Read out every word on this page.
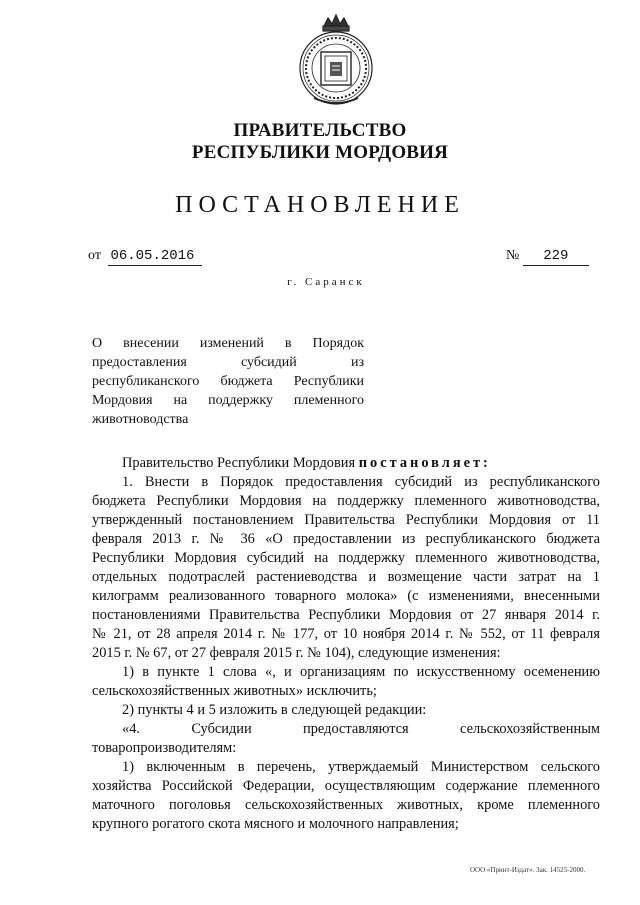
ПРАВИТЕЛЬСТВО
РЕСПУБЛИКИ МОРДОВИЯ
ПОСТАНОВЛЕНИЕ
от 06.05.2016	№ 229
г. Саранск
О внесении изменений в Порядок
предоставления субсидий из
республиканского бюджета Республики
Мордовия на поддержку племенного
животноводства
Правительство Республики Мордовия постановляет:
1. Внести в Порядок предоставления субсидий из республиканского
бюджета Республики Мордовия на поддержку племенного животноводства,
утвержденный постановлением Правительства Республики Мордовия от 11
февраля 2013 г. № 36 «О предоставлении из республиканского бюджета
Республики Мордовия субсидий на поддержку племенного животноводства,
отдельных подотраслей растениеводства и возмещение части затрат на 1
килограмм реализованного товарного молока» (с изменениями, внесенными
постановлениями Правительства Республики Мордовия от 27 января 2014 г.
№ 21, от 28 апреля 2014 г. № 177, от 10 ноября 2014 г. № 552, от 11 февраля
2015 г. № 67, от 27 февраля 2015 г. № 104), следующие изменения:
1) в пункте 1 слова «, и организациям по искусственному осеменению
сельскохозяйственных животных» исключить;
2) пункты 4 и 5 изложить в следующей редакции:
«4. Субсидии предоставляются сельскохозяйственным
товаропроизводителям:
1) включенным в перечень, утверждаемый Министерством сельского
хозяйства Российской Федерации, осуществляющим содержание племенного
маточного поголовья сельскохозяйственных животных, кроме племенного
крупного рогатого скота мясного и молочного направления;
ООО «Принт-Издат». Зак. 14525-2000.
